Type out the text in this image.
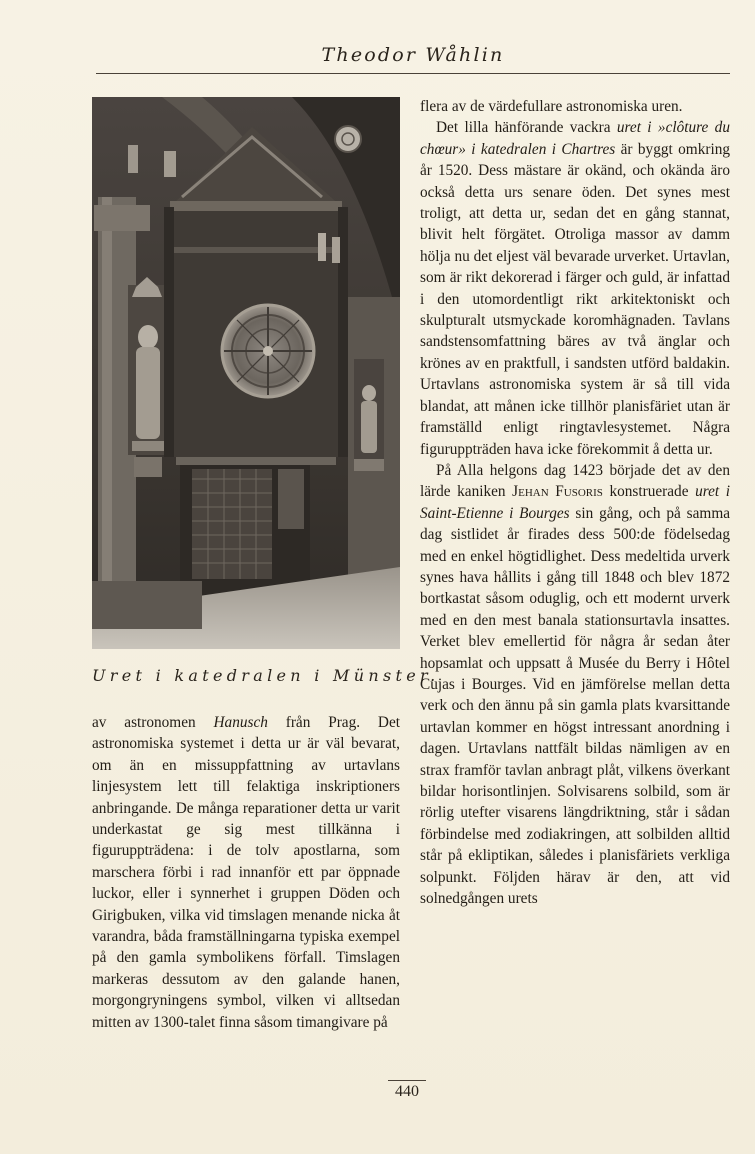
Theodor Wåhlin
Uret i katedralen i Münster.

av astronomen Hanusch från Prag. Det astronomiska systemet i detta ur är väl bevarat, om än en missuppfattning av urtavlans linjesystem lett till felaktiga inskriptioners anbringande. De många reparationer detta ur varit underkastat ge sig mest tillkänna i figuruppträdena: i de tolv apostlarna, som marschera förbi i rad innanför ett par öppnade luckor, eller i synnerhet i gruppen Döden och Girigbuken, vilka vid timslagen menande nicka åt varandra, båda framställningarna typiska exempel på den gamla symbolikens förfall. Timslagen markeras dessutom av den galande hanen, morgongryningens symbol, vilken vi alltsedan mitten av 1300-talet finna såsom timangivare på

flera av de värdefullare astronomiska uren.

Det lilla hänförande vackra uret i »clôture du chœur» i katedralen i Chartres är byggt omkring år 1520. Dess mästare är okänd, och okända äro också detta urs senare öden. Det synes mest troligt, att detta ur, sedan det en gång stannat, blivit helt förgätet. Otroliga massor av damm hölja nu det eljest väl bevarade urverket. Urtavlan, som är rikt dekorerad i färger och guld, är infattad i den utomordentligt rikt arkitektoniskt och skulpturalt utsmyckade koromhägnaden. Tavlans sandstensomfattning bäres av två änglar och krönes av en praktfull, i sandsten utförd baldakin. Urtavlans astronomiska system är så till vida blandat, att månen icke tillhör planisfäriet utan är framställd enligt ringtavlesystemet. Några figuruppträden hava icke förekommit å detta ur.

På Alla helgons dag 1423 började det av den lärde kaniken Jehan Fusoris konstruerade uret i Saint-Etienne i Bourges sin gång, och på samma dag sistlidet år firades dess 500:de födelsedag med en enkel högtidlighet. Dess medeltida urverk synes hava hållits i gång till 1848 och blev 1872 bortkastat såsom oduglig, och ett modernt urverk med en den mest banala stationsurtavla insattes. Verket blev emellertid för några år sedan åter hopsamlat och uppsatt å Musée du Berry i Hôtel Cujas i Bourges. Vid en jämförelse mellan detta verk och den ännu på sin gamla plats kvarsittande urtavlan kommer en högst intressant anordning i dagen. Urtavlans nattfält bildas nämligen av en strax framför tavlan anbragt plåt, vilkens överkant bildar horisontlinjen. Solvisarens solbild, som är rörlig utefter visarens längdriktning, står i sådan förbindelse med zodiakringen, att solbilden alltid står på ekliptikan, således i planisfäriets verkliga solpunkt. Följden härav är den, att vid solnedgången urets

440
